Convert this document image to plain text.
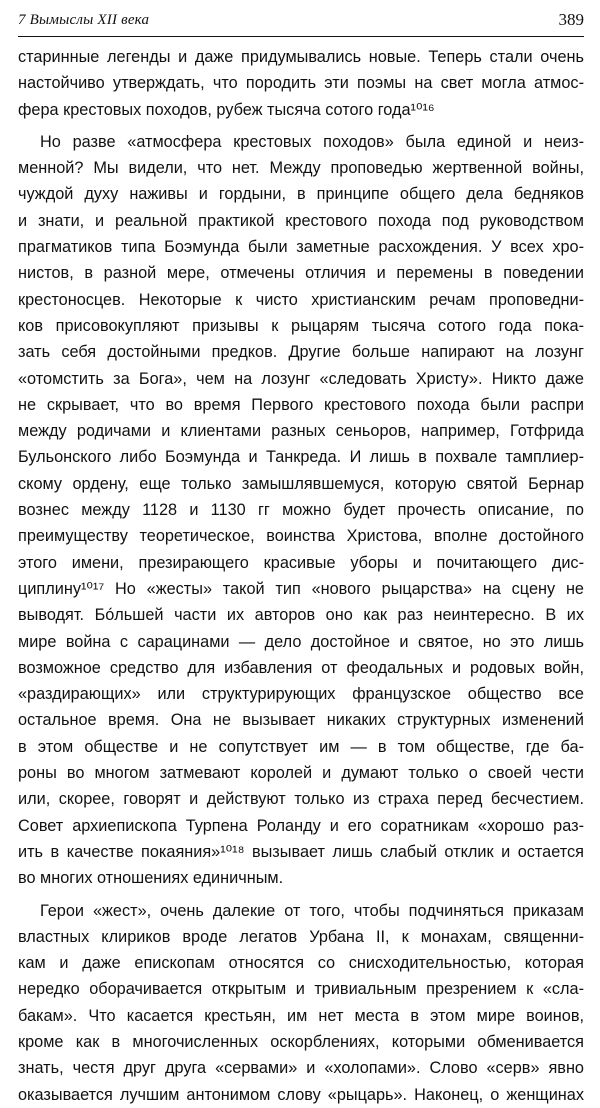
7 Вымыслы XII века	389
старинные легенды и даже придумывались новые. Теперь стали очень
настойчиво утверждать, что породить эти поэмы на свет могла атмос-
фера крестовых походов, рубеж тысяча сотого года¹⁰¹⁶
Но разве «атмосфера крестовых походов» была единой и неиз-
менной? Мы видели, что нет. Между проповедью жертвенной войны,
чуждой духу наживы и гордыни, в принципе общего дела бедняков
и знати, и реальной практикой крестового похода под руководством
прагматиков типа Боэмунда были заметные расхождения. У всех хро-
нистов, в разной мере, отмечены отличия и перемены в поведении
крестоносцев. Некоторые к чисто христианским речам проповедни-
ков присовокупляют призывы к рыцарям тысяча сотого года пока-
зать себя достойными предков. Другие больше напирают на лозунг
«отомстить за Бога», чем на лозунг «следовать Христу». Никто даже
не скрывает, что во время Первого крестового похода были распри
между родичами и клиентами разных сеньоров, например, Готфрида
Бульонского либо Боэмунда и Танкреда. И лишь в похвале тамплиер-
скому ордену, еще только замышлявшемуся, которую святой Бернар
вознес между 1128 и 1130 гг можно будет прочесть описание, по
преимуществу теоретическое, воинства Христова, вполне достойного
этого имени, презирающего красивые уборы и почитающего дис-
циплину¹⁰¹⁷ Но «жесты» такой тип «нового рыцарства» на сцену не
выводят. Бо́льшей части их авторов оно как раз неинтересно. В их
мире война с сарацинами — дело достойное и святое, но это лишь
возможное средство для избавления от феодальных и родовых войн,
«раздирающих» или структурирующих французское общество все
остальное время. Она не вызывает никаких структурных изменений
в этом обществе и не сопутствует им — в том обществе, где ба-
роны во многом затмевают королей и думают только о своей чести
или, скорее, говорят и действуют только из страха перед бесчестием.
Совет архиепископа Турпена Роланду и его соратникам «хорошо раз-
ить в качестве покаяния»¹⁰¹⁸ вызывает лишь слабый отклик и остается
во многих отношениях единичным.
Герои «жест», очень далекие от того, чтобы подчиняться приказам
властных клириков вроде легатов Урбана II, к монахам, священни-
кам и даже епископам относятся со снисходительностью, которая
нередко оборачивается открытым и тривиальным презрением к «сла-
бакам». Что касается крестьян, им нет места в этом мире воинов,
кроме как в многочисленных оскорблениях, которыми обменивается
знать, честя друг друга «сервами» и «холопами». Слово «серв» явно
оказывается лучшим антонимом слову «рыцарь». Наконец, о женщинах
